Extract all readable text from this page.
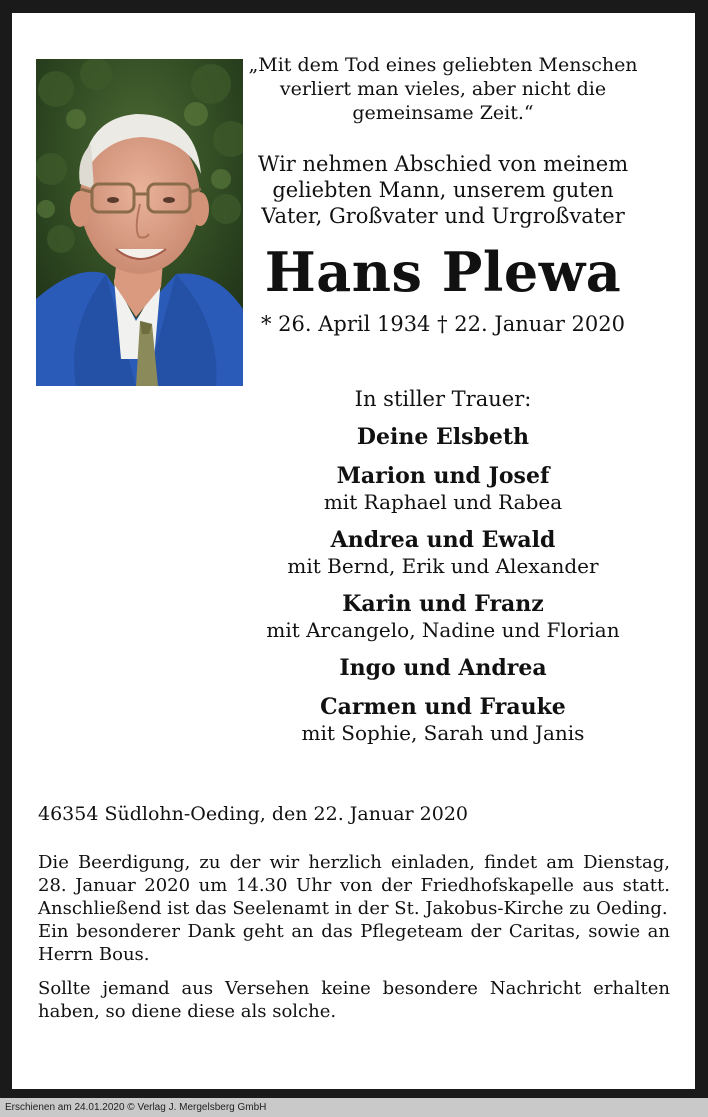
„Mit dem Tod eines geliebten Menschen
verliert man vieles, aber nicht die
gemeinsame Zeit.“

Wir nehmen Abschied von meinem
geliebten Mann, unserem guten
Vater, Großvater und Urgroßvater

Hans Plewa
* 26. April 1934 † 22. Januar 2020
In stiller Trauer:
Deine Elsbeth
Marion und Josef
mit Raphael und Rabea
Andrea und Ewald
mit Bernd, Erik und Alexander
Karin und Franz
mit Arcangelo, Nadine und Florian
Ingo und Andrea
Carmen und Frauke
mit Sophie, Sarah und Janis
46354 Südlohn-Oeding, den 22. Januar 2020

Die Beerdigung, zu der wir herzlich einladen, findet am Dienstag, 28. Januar 2020 um 14.30 Uhr von der Friedhofskapelle aus statt. Anschließend ist das Seelenamt in der St. Jakobus-Kirche zu Oeding.

Ein besonderer Dank geht an das Pflegeteam der Caritas, sowie an Herrn Bous.

Sollte jemand aus Versehen keine besondere Nachricht erhalten haben, so diene diese als solche.

Erschienen am 24.01.2020 © Verlag J. Mergelsberg GmbH
